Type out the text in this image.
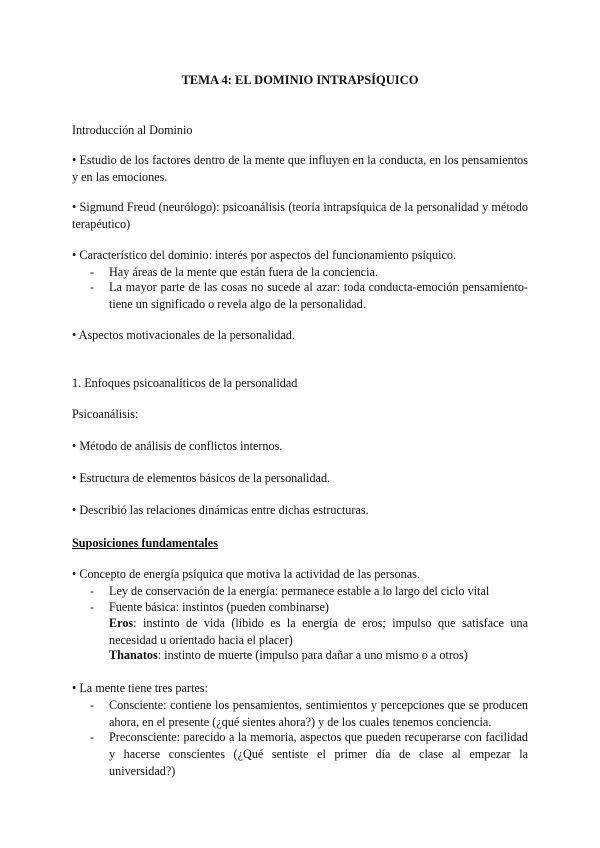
TEMA 4: EL DOMINIO INTRAPSÍQUICO
Introducción al Dominio
• Estudio de los factores dentro de la mente que influyen en la conducta, en los pensamientos y en las emociones.
• Sigmund Freud (neurólogo): psicoanálisis (teoría intrapsíquica de la personalidad y método terapéutico)
• Característico del dominio: interés por aspectos del funcionamiento psíquico.
- Hay áreas de la mente que están fuera de la conciencia.
- La mayor parte de las cosas no sucede al azar: toda conducta-emoción pensamiento- tiene un significado o revela algo de la personalidad.
• Aspectos motivacionales de la personalidad.
1. Enfoques psicoanalíticos de la personalidad
Psicoanálisis:
• Método de análisis de conflictos internos.
• Estructura de elementos básicos de la personalidad.
• Describió las relaciones dinámicas entre dichas estructuras.
Suposiciones fundamentales
• Concepto de energía psíquica que motiva la actividad de las personas.
- Ley de conservación de la energía: permanece estable a lo largo del ciclo vital
- Fuente básica: instintos (pueden combinarse)
Eros: instinto de vida (libido es la energía de eros; impulso que satisface una necesidad u orientado hacia el placer)
Thanatos: instinto de muerte (impulso para dañar a uno mismo o a otros)
• La mente tiene tres partes:
- Consciente: contiene los pensamientos, sentimientos y percepciones que se producen ahora, en el presente (¿qué sientes ahora?) y de los cuales tenemos conciencia.
- Preconsciente: parecido a la memoria, aspectos que pueden recuperarse con facilidad y hacerse conscientes (¿Qué sentiste el primer día de clase al empezar la universidad?)
